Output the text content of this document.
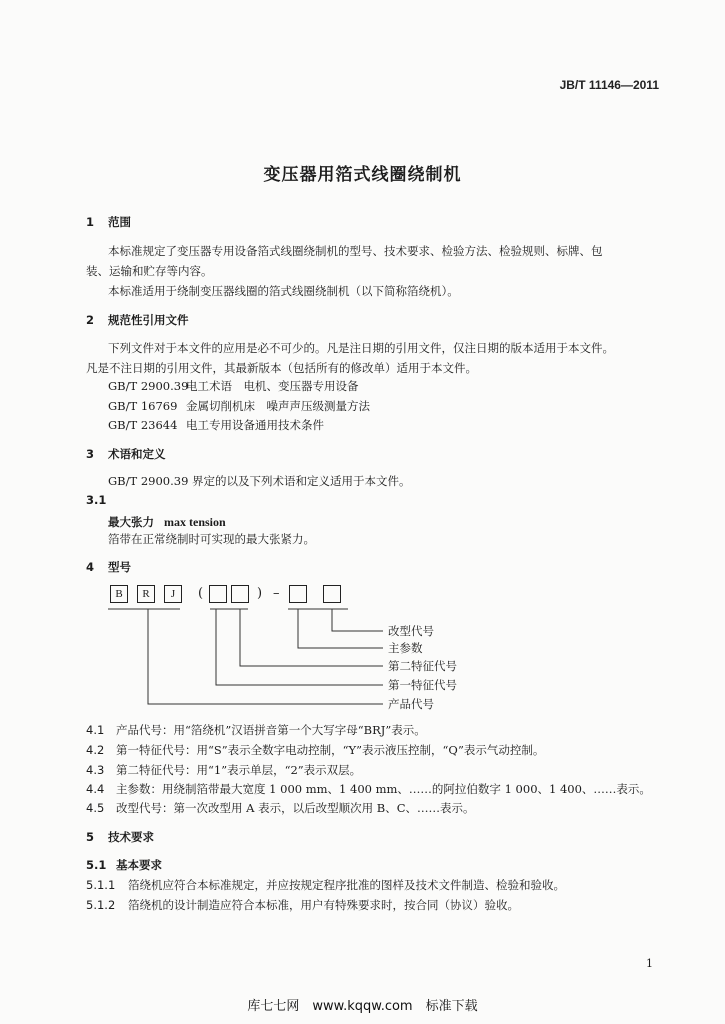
JB/T 11146—2011
变压器用箔式线圈绕制机
1 范围
本标准规定了变压器专用设备箔式线圈绕制机的型号、技术要求、检验方法、检验规则、标牌、包
装、运输和贮存等内容。
本标准适用于绕制变压器线圈的箔式线圈绕制机（以下简称箔绕机）。
2 规范性引用文件
下列文件对于本文件的应用是必不可少的。凡是注日期的引用文件，仅注日期的版本适用于本文件。
凡是不注日期的引用文件，其最新版本（包括所有的修改单）适用于本文件。
GB/T 2900.39电工术语　电机、变压器专用设备
GB/T 16769 金属切削机床　噪声声压级测量方法
GB/T 23644 电工专用设备通用技术条件
3 术语和定义
GB/T 2900.39 界定的以及下列术语和定义适用于本文件。
3.1
最大张力 max tension
箔带在正常绕制时可实现的最大张紧力。
4 型号
B	R	J	(	) –
改型代号
主参数
第二特征代号
第一特征代号
产品代号
4.1 产品代号：用“箔绕机”汉语拼音第一个大写字母“BRJ”表示。
4.2 第一特征代号：用“S”表示全数字电动控制，“Y”表示液压控制，“Q”表示气动控制。
4.3 第二特征代号：用“1”表示单层，“2”表示双层。
4.4 主参数：用绕制箔带最大宽度 1 000 mm、1 400 mm、……的阿拉伯数字 1 000、1 400、……表示。
4.5 改型代号：第一次改型用 A 表示，以后改型顺次用 B、C、……表示。
5 技术要求
5.1 基本要求
5.1.1 箔绕机应符合本标准规定，并应按规定程序批准的图样及技术文件制造、检验和验收。
5.1.2 箔绕机的设计制造应符合本标准，用户有特殊要求时，按合同（协议）验收。
1
库七七网　www.kqqw.com　标准下载
